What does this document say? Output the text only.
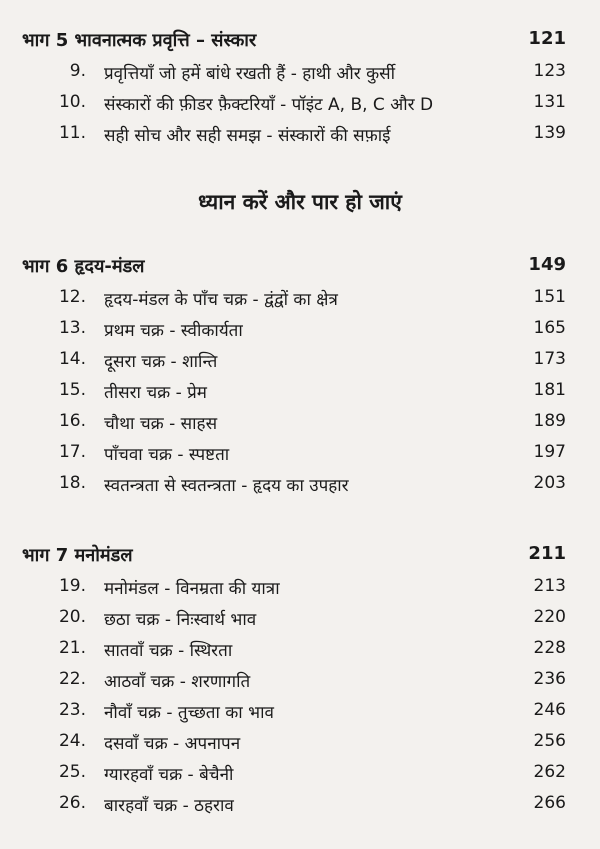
भाग 5 भावनात्मक प्रवृत्ति – संस्कार	121
9. प्रवृत्तियाँ जो हमें बांधे रखती हैं - हाथी और कुर्सी	123
10. संस्कारों की फ़ीडर फ़ैक्टरियाँ - पॉइंट A, B, C और D	131
11. सही सोच और सही समझ - संस्कारों की सफ़ाई	139
ध्यान करें और पार हो जाएं
भाग 6 हृदय-मंडल	149
12. हृदय-मंडल के पाँच चक्र - द्वंद्वों का क्षेत्र	151
13. प्रथम चक्र - स्वीकार्यता	165
14. दूसरा चक्र - शान्ति	173
15. तीसरा चक्र - प्रेम	181
16. चौथा चक्र - साहस	189
17. पाँचवा चक्र - स्पष्टता	197
18. स्वतन्त्रता से स्वतन्त्रता - हृदय का उपहार	203
भाग 7 मनोमंडल	211
19. मनोमंडल - विनम्रता की यात्रा	213
20. छठा चक्र - निःस्वार्थ भाव	220
21. सातवाँ चक्र - स्थिरता	228
22. आठवाँ चक्र - शरणागति	236
23. नौवाँ चक्र - तुच्छता का भाव	246
24. दसवाँ चक्र - अपनापन	256
25. ग्यारहवाँ चक्र - बेचैनी	262
26. बारहवाँ चक्र - ठहराव	266
